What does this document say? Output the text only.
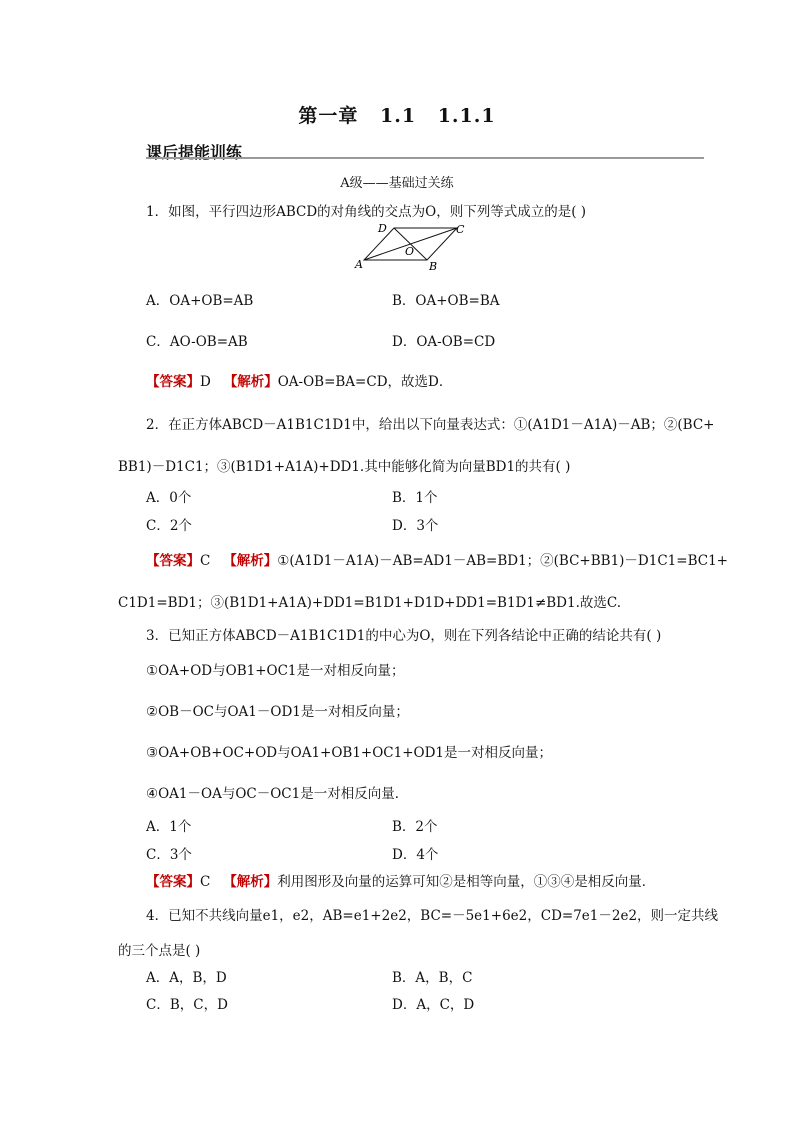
第一章 1.1 1.1.1
课后提能训练
A级——基础过关练
1．如图，平行四边形ABCD的对角线的交点为O，则下列等式成立的是( )
A	B
C
D
O
A．OA+OB=AB	B．OA+OB=BA
C．AO-OB=AB	D．OA-OB=CD
【答案】D 【解析】OA-OB=BA=CD，故选D．
2．在正方体ABCD－A1B1C1D1中，给出以下向量表达式：①(A1D1－A1A)－AB；②(BC+
BB1)－D1C1；③(B1D1+A1A)+DD1.其中能够化简为向量BD1的共有( )
A．0个	B．1个
C．2个	D．3个
【答案】C 【解析】①(A1D1－A1A)－AB=AD1－AB=BD1；②(BC+BB1)－D1C1=BC1+
C1D1=BD1；③(B1D1+A1A)+DD1=B1D1+D1D+DD1=B1D1≠BD1.故选C.
3．已知正方体ABCD－A1B1C1D1的中心为O，则在下列各结论中正确的结论共有( )
①OA+OD与OB1+OC1是一对相反向量；
②OB－OC与OA1－OD1是一对相反向量；
③OA+OB+OC+OD与OA1+OB1+OC1+OD1是一对相反向量；
④OA1－OA与OC－OC1是一对相反向量．
A．1个	B．2个
C．3个	D．4个
【答案】C 【解析】利用图形及向量的运算可知②是相等向量，①③④是相反向量．
4．已知不共线向量e1，e2，AB=e1+2e2，BC=－5e1+6e2，CD=7e1－2e2，则一定共线
的三个点是( )
A．A，B，D	B．A，B，C
C．B，C，D	D．A，C，D
